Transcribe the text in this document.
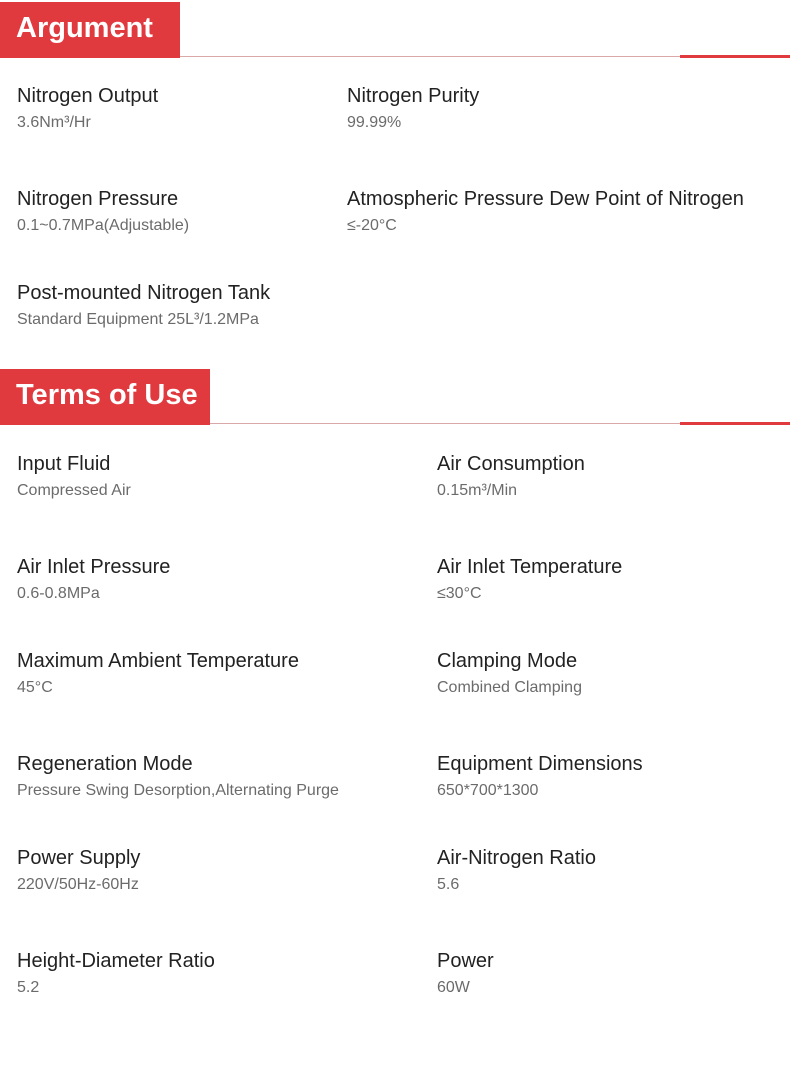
Argument
Nitrogen Output
3.6Nm³/Hr
Nitrogen Purity
99.99%
Nitrogen Pressure
0.1~0.7MPa(Adjustable)
Atmospheric Pressure Dew Point of Nitrogen
≤-20°C
Post-mounted Nitrogen Tank
Standard Equipment 25L³/1.2MPa
Terms of Use
Input Fluid
Compressed Air
Air Consumption
0.15m³/Min
Air Inlet Pressure
0.6-0.8MPa
Air Inlet Temperature
≤30°C
Maximum Ambient Temperature
45°C
Clamping Mode
Combined Clamping
Regeneration Mode
Pressure Swing Desorption,Alternating Purge
Equipment Dimensions
650*700*1300
Power Supply
220V/50Hz-60Hz
Air-Nitrogen Ratio
5.6
Height-Diameter Ratio
5.2
Power
60W
